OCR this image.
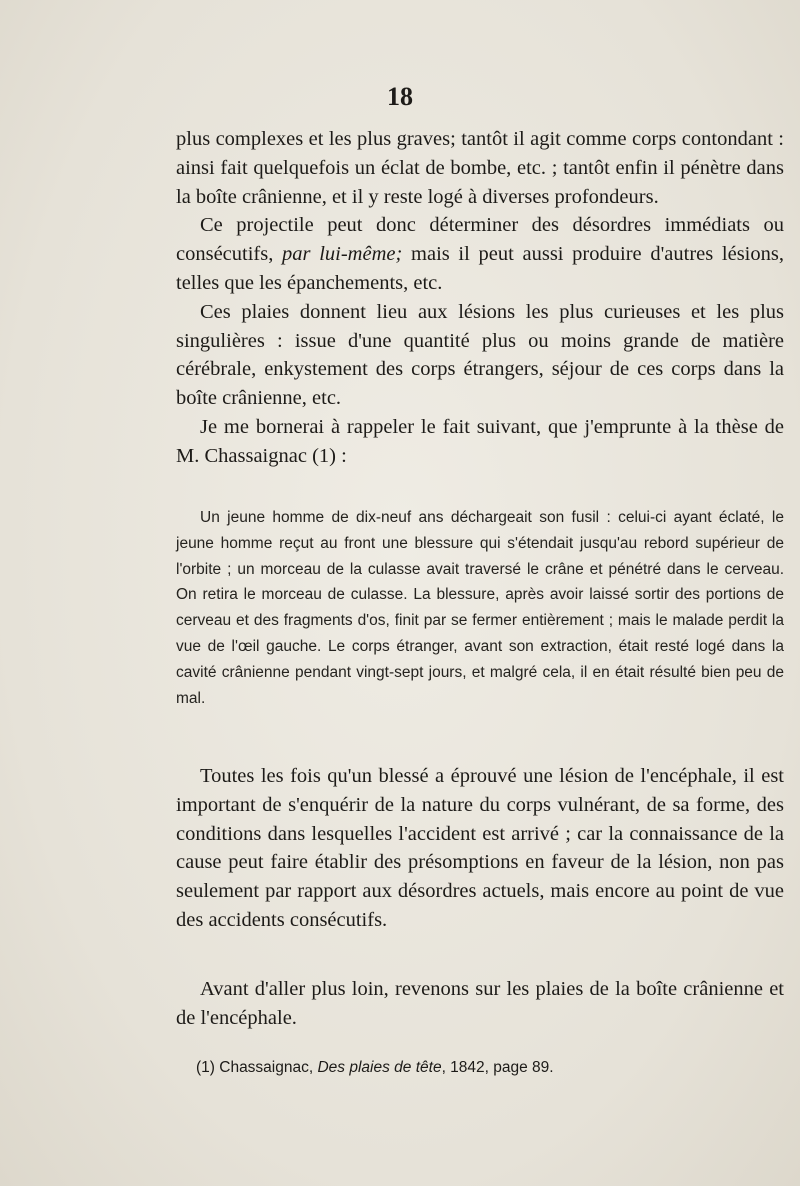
18

plus complexes et les plus graves; tantôt il agit comme corps contondant : ainsi fait quelquefois un éclat de bombe, etc. ; tantôt enfin il pénètre dans la boîte crânienne, et il y reste logé à diverses profondeurs.

Ce projectile peut donc déterminer des désordres immédiats ou consécutifs, par lui-même; mais il peut aussi produire d'autres lésions, telles que les épanchements, etc.

Ces plaies donnent lieu aux lésions les plus curieuses et les plus singulières : issue d'une quantité plus ou moins grande de matière cérébrale, enkystement des corps étrangers, séjour de ces corps dans la boîte crânienne, etc.

Je me bornerai à rappeler le fait suivant, que j'emprunte à la thèse de M. Chassaignac (1) :

Un jeune homme de dix-neuf ans déchargeait son fusil : celui-ci ayant éclaté, le jeune homme reçut au front une blessure qui s'étendait jusqu'au rebord supérieur de l'orbite ; un morceau de la culasse avait traversé le crâne et pénétré dans le cerveau. On retira le morceau de culasse. La blessure, après avoir laissé sortir des portions de cerveau et des fragments d'os, finit par se fermer entièrement ; mais le malade perdit la vue de l'œil gauche. Le corps étranger, avant son extraction, était resté logé dans la cavité crânienne pendant vingt-sept jours, et malgré cela, il en était résulté bien peu de mal.

Toutes les fois qu'un blessé a éprouvé une lésion de l'encéphale, il est important de s'enquérir de la nature du corps vulnérant, de sa forme, des conditions dans lesquelles l'accident est arrivé ; car la connaissance de la cause peut faire établir des présomptions en faveur de la lésion, non pas seulement par rapport aux désordres actuels, mais encore au point de vue des accidents consécutifs.

Avant d'aller plus loin, revenons sur les plaies de la boîte crânienne et de l'encéphale.

(1) Chassaignac, Des plaies de tête, 1842, page 89.
